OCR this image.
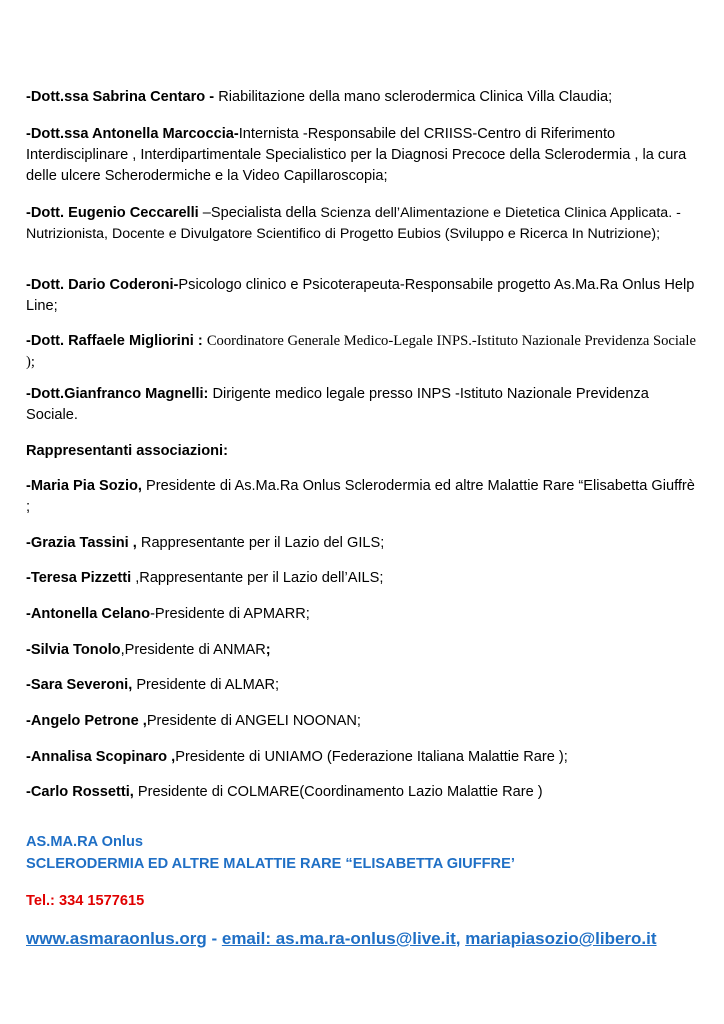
-Dott.ssa Sabrina Centaro - Riabilitazione della mano sclerodermica Clinica Villa Claudia;

-Dott.ssa Antonella Marcoccia-Internista -Responsabile del CRIISS-Centro di Riferimento Interdisciplinare , Interdipartimentale Specialistico per la Diagnosi Precoce della Sclerodermia , la cura delle ulcere Scherodermiche e la Video Capillaroscopia;

-Dott. Eugenio Ceccarelli –Specialista della Scienza dell’Alimentazione e Dietetica Clinica Applicata. -Nutrizionista, Docente e Divulgatore Scientifico di Progetto Eubios (Sviluppo e Ricerca In Nutrizione);

-Dott. Dario Coderoni-Psicologo clinico e Psicoterapeuta-Responsabile progetto As.Ma.Ra Onlus Help Line;

-Dott. Raffaele Migliorini : Coordinatore Generale Medico-Legale INPS.-Istituto Nazionale Previdenza Sociale );

-Dott.Gianfranco Magnelli: Dirigente medico legale presso INPS -Istituto Nazionale Previdenza Sociale.

Rappresentanti associazioni:

-Maria Pia Sozio, Presidente di As.Ma.Ra Onlus Sclerodermia ed altre Malattie Rare “Elisabetta Giuffrè ;

-Grazia Tassini , Rappresentante per il Lazio del GILS;

-Teresa Pizzetti ,Rappresentante per il Lazio dell’AILS;

-Antonella Celano-Presidente di APMARR;

-Silvia Tonolo,Presidente di ANMAR;

-Sara Severoni, Presidente di ALMAR;

-Angelo Petrone ,Presidente di ANGELI NOONAN;

-Annalisa Scopinaro ,Presidente di UNIAMO (Federazione Italiana Malattie Rare );

-Carlo Rossetti, Presidente di COLMARE(Coordinamento Lazio Malattie Rare )

AS.MA.RA Onlus

SCLERODERMIA ED ALTRE MALATTIE RARE “ELISABETTA GIUFFRE’

Tel.: 334 1577615

www.asmaraonlus.org - email: as.ma.ra-onlus@live.it, mariapiasozio@libero.it
